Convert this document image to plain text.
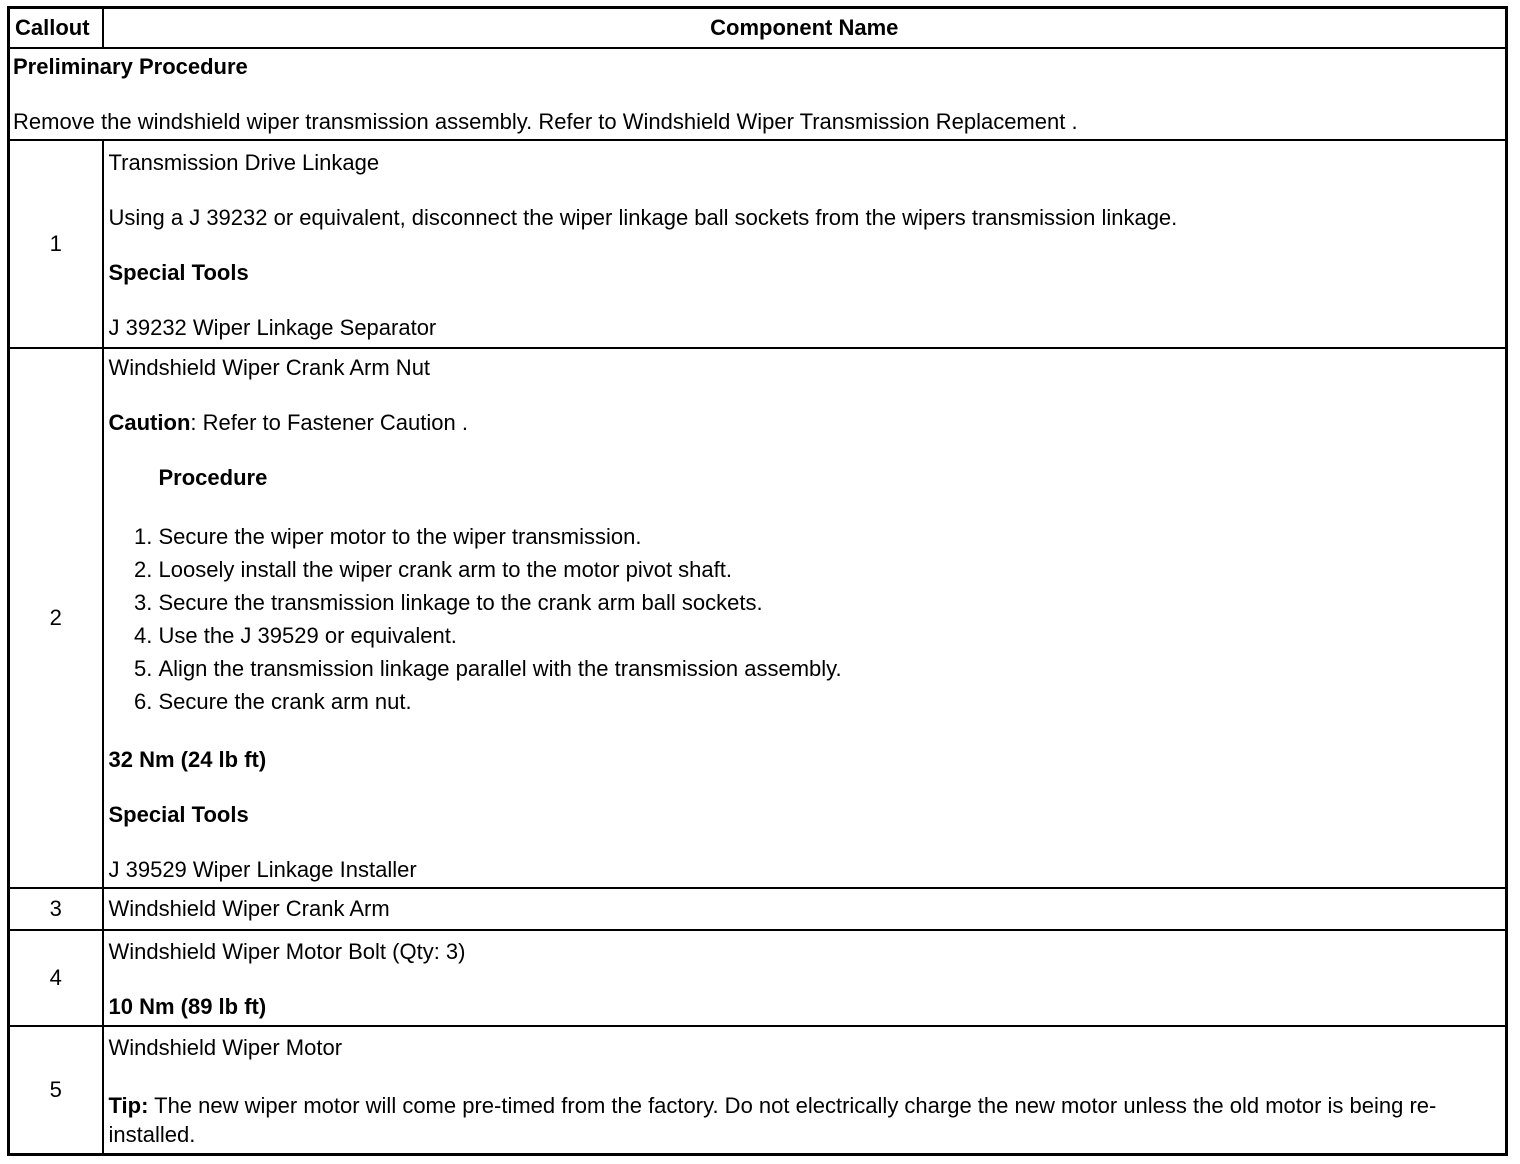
Callout	Component Name

Preliminary Procedure
Remove the windshield wiper transmission assembly. Refer to Windshield Wiper Transmission Replacement .	

1	Transmission Drive Linkage
Using a J 39232 or equivalent, disconnect the wiper linkage ball sockets from the wipers transmission linkage.
Special Tools
J 39232 Wiper Linkage Separator

2	
Windshield Wiper Crank Arm Nut
Caution: Refer to Fastener Caution .
Procedure
1. Secure the wiper motor to the wiper transmission.
2. Loosely install the wiper crank arm to the motor pivot shaft.
3. Secure the transmission linkage to the crank arm ball sockets.
4. Use the J 39529 or equivalent.
5. Align the transmission linkage parallel with the transmission assembly.
6. Secure the crank arm nut.
32 Nm (24 lb ft)
Special Tools
J 39529 Wiper Linkage Installer

3	Windshield Wiper Crank Arm

4	Windshield Wiper Motor Bolt (Qty: 3)
10 Nm (89 lb ft)

5	Windshield Wiper Motor
Tip: The new wiper motor will come pre-timed from the factory. Do not electrically charge the new motor unless the old motor is being re-installed.
